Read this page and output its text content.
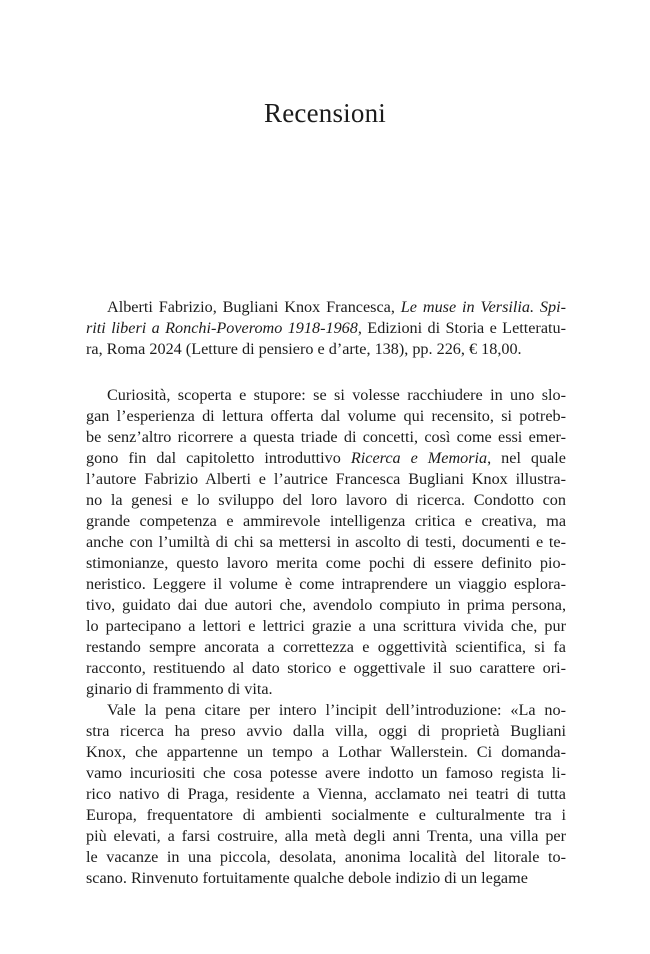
Recensioni
Alberti Fabrizio, Bugliani Knox Francesca, Le muse in Versilia. Spi-
riti liberi a Ronchi-Poveromo 1918-1968, Edizioni di Storia e Letteratu-
ra, Roma 2024 (Letture di pensiero e d’arte, 138), pp. 226, € 18,00.
Curiosità, scoperta e stupore: se si volesse racchiudere in uno slo-
gan l’esperienza di lettura offerta dal volume qui recensito, si potreb-
be senz’altro ricorrere a questa triade di concetti, così come essi emer-
gono fin dal capitoletto introduttivo Ricerca e Memoria, nel quale
l’autore Fabrizio Alberti e l’autrice Francesca Bugliani Knox illustra-
no la genesi e lo sviluppo del loro lavoro di ricerca. Condotto con
grande competenza e ammirevole intelligenza critica e creativa, ma
anche con l’umiltà di chi sa mettersi in ascolto di testi, documenti e te-
stimonianze, questo lavoro merita come pochi di essere definito pio-
neristico. Leggere il volume è come intraprendere un viaggio esplora-
tivo, guidato dai due autori che, avendolo compiuto in prima persona,
lo partecipano a lettori e lettrici grazie a una scrittura vivida che, pur
restando sempre ancorata a correttezza e oggettività scientifica, si fa
racconto, restituendo al dato storico e oggettivale il suo carattere ori-
ginario di frammento di vita.
Vale la pena citare per intero l’incipit dell’introduzione: «La no-
stra ricerca ha preso avvio dalla villa, oggi di proprietà Bugliani
Knox, che appartenne un tempo a Lothar Wallerstein. Ci domanda-
vamo incuriositi che cosa potesse avere indotto un famoso regista li-
rico nativo di Praga, residente a Vienna, acclamato nei teatri di tutta
Europa, frequentatore di ambienti socialmente e culturalmente tra i
più elevati, a farsi costruire, alla metà degli anni Trenta, una villa per
le vacanze in una piccola, desolata, anonima località del litorale to-
scano. Rinvenuto fortuitamente qualche debole indizio di un legame
